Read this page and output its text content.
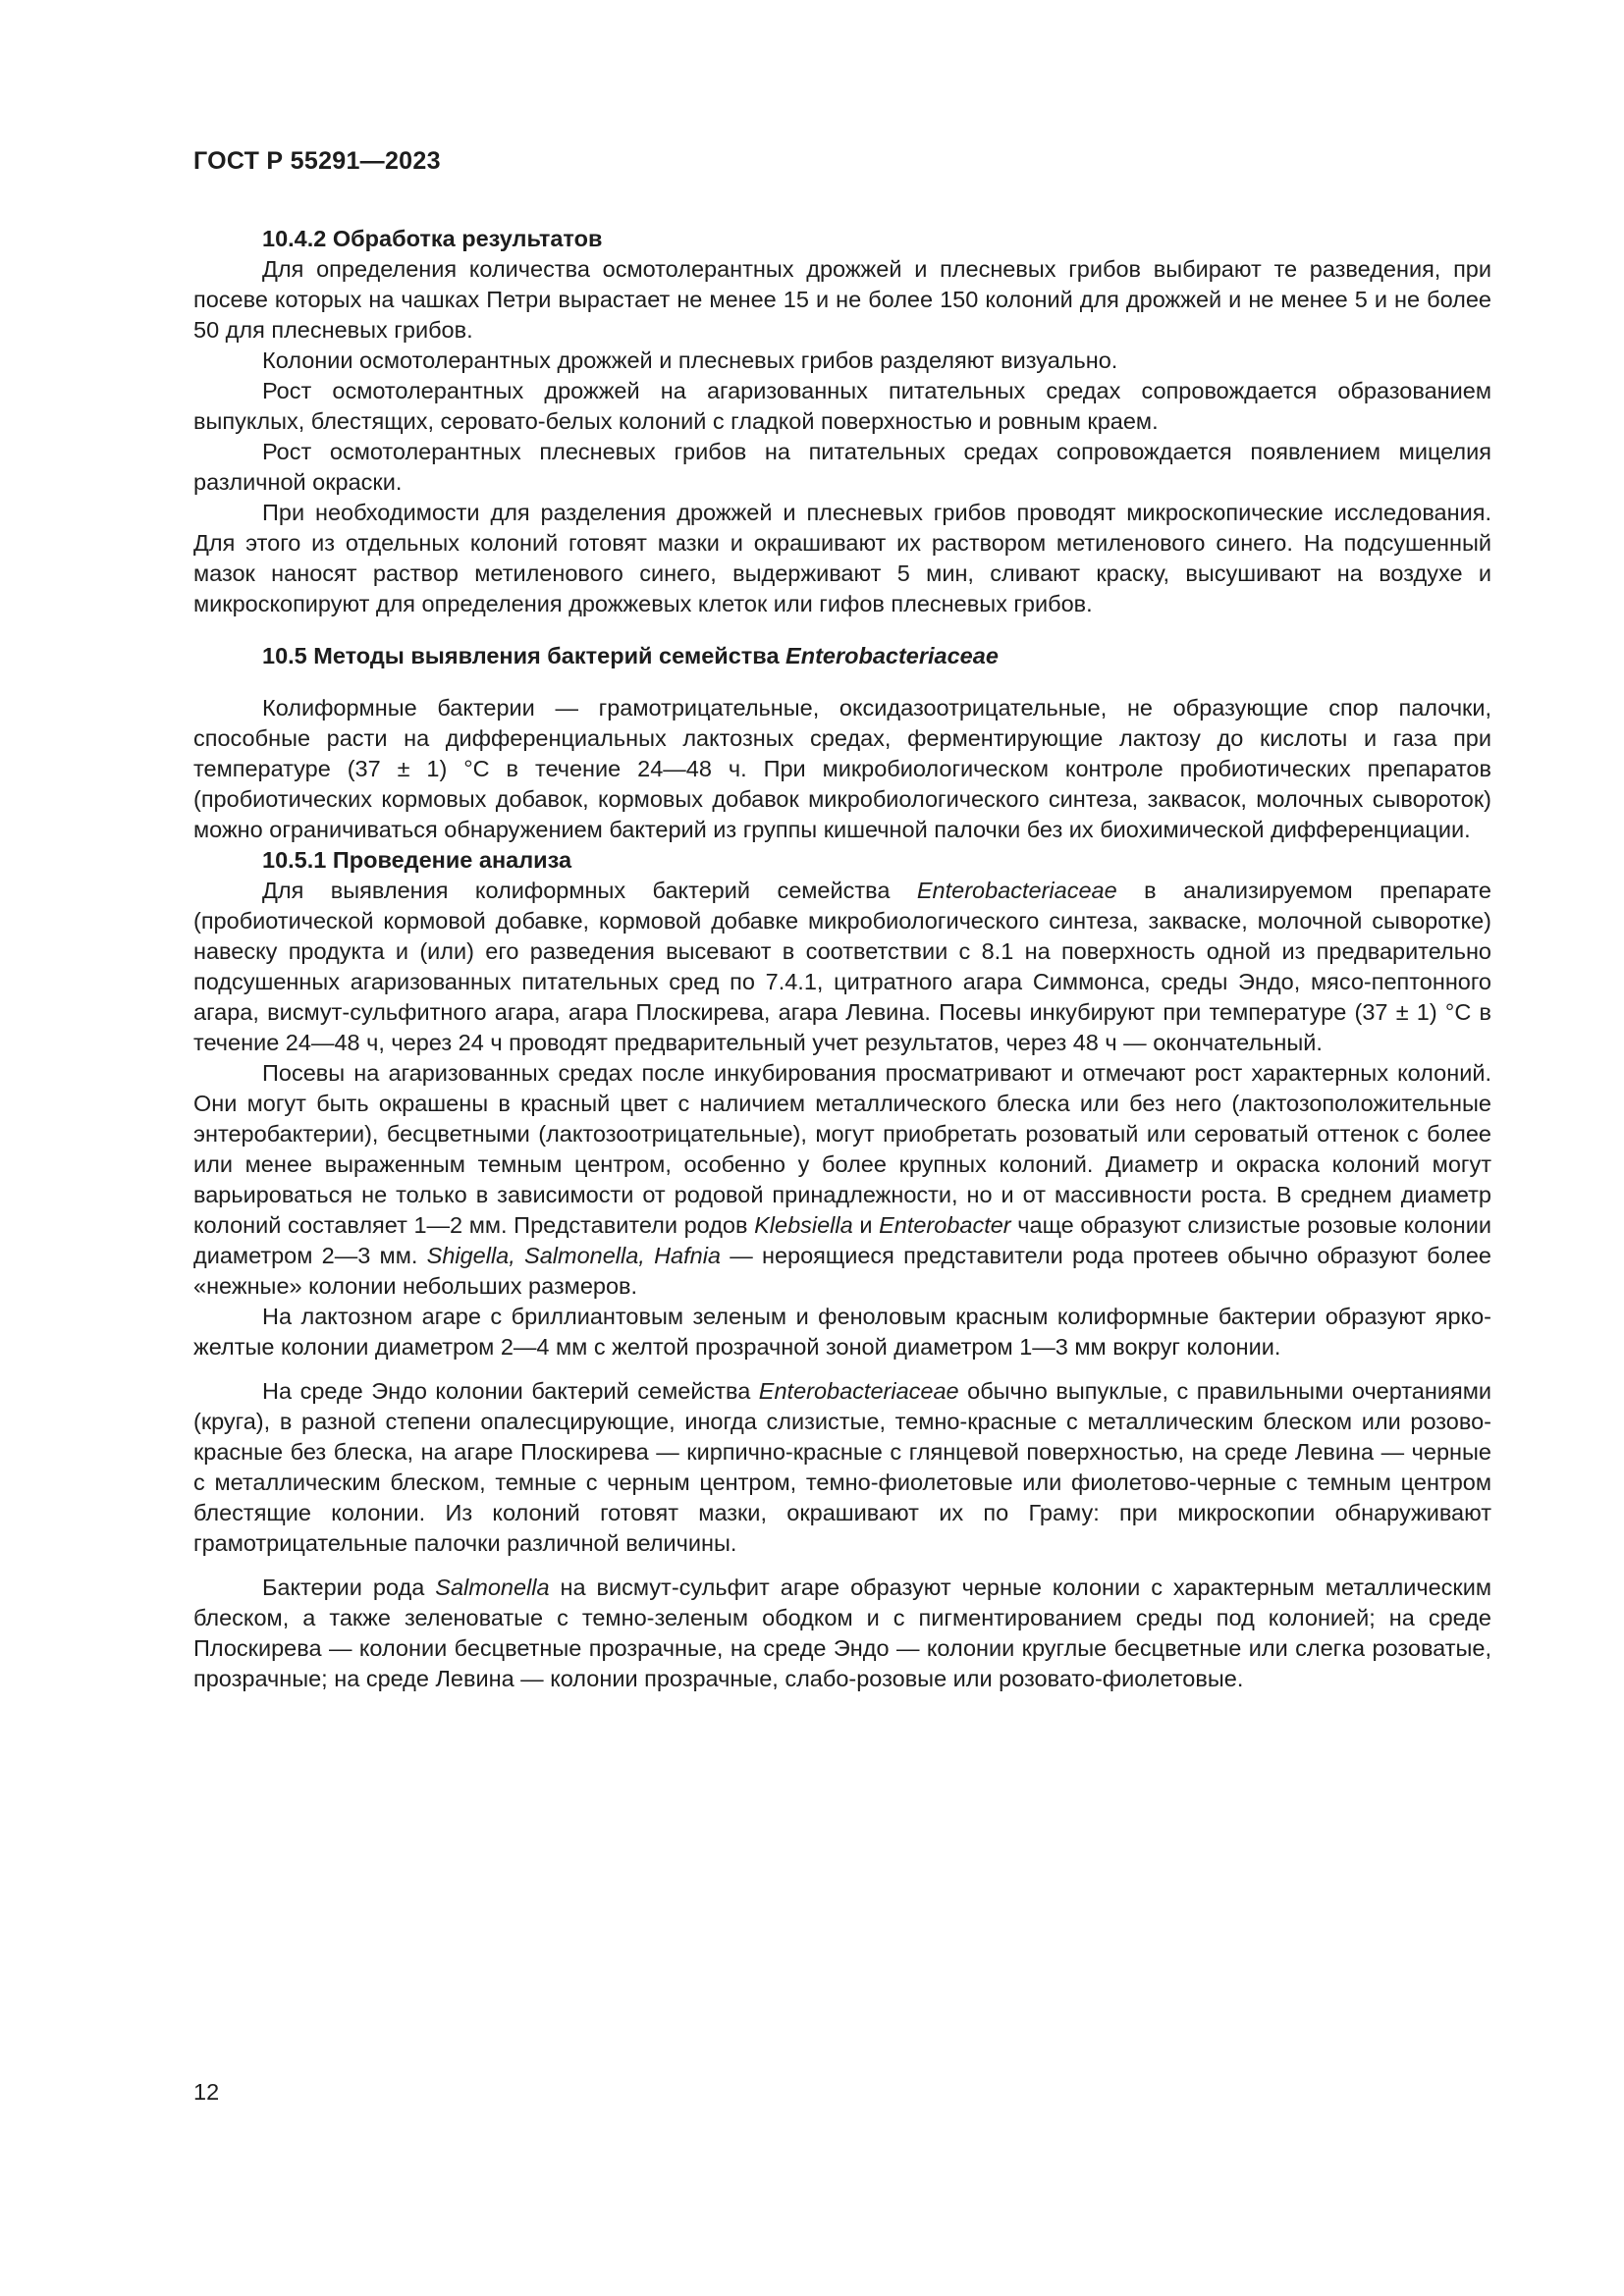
ГОСТ Р 55291—2023

10.4.2 Обработка результатов

Для определения количества осмотолерантных дрожжей и плесневых грибов выбирают те разведения, при посеве которых на чашках Петри вырастает не менее 15 и не более 150 колоний для дрожжей и не менее 5 и не более 50 для плесневых грибов.

Колонии осмотолерантных дрожжей и плесневых грибов разделяют визуально.

Рост осмотолерантных дрожжей на агаризованных питательных средах сопровождается образованием выпуклых, блестящих, серовато-белых колоний с гладкой поверхностью и ровным краем.

Рост осмотолерантных плесневых грибов на питательных средах сопровождается появлением мицелия различной окраски.

При необходимости для разделения дрожжей и плесневых грибов проводят микроскопические исследования. Для этого из отдельных колоний готовят мазки и окрашивают их раствором метиленового синего. На подсушенный мазок наносят раствор метиленового синего, выдерживают 5 мин, сливают краску, высушивают на воздухе и микроскопируют для определения дрожжевых клеток или гифов плесневых грибов.

10.5 Методы выявления бактерий семейства Enterobacteriaceae

Колиформные бактерии — грамотрицательные, оксидазоотрицательные, не образующие спор палочки, способные расти на дифференциальных лактозных средах, ферментирующие лактозу до кислоты и газа при температуре (37 ± 1) °С в течение 24—48 ч. При микробиологическом контроле пробиотических препаратов (пробиотических кормовых добавок, кормовых добавок микробиологического синтеза, заквасок, молочных сывороток) можно ограничиваться обнаружением бактерий из группы кишечной палочки без их биохимической дифференциации.

10.5.1 Проведение анализа

Для выявления колиформных бактерий семейства Enterobacteriaceae в анализируемом препарате (пробиотической кормовой добавке, кормовой добавке микробиологического синтеза, закваске, молочной сыворотке) навеску продукта и (или) его разведения высевают в соответствии с 8.1 на поверхность одной из предварительно подсушенных агаризованных питательных сред по 7.4.1, цитратного агара Симмонса, среды Эндо, мясо-пептонного агара, висмут-сульфитного агара, агара Плоскирева, агара Левина. Посевы инкубируют при температуре (37 ± 1) °С в течение 24—48 ч, через 24 ч проводят предварительный учет результатов, через 48 ч — окончательный.

Посевы на агаризованных средах после инкубирования просматривают и отмечают рост характерных колоний. Они могут быть окрашены в красный цвет с наличием металлического блеска или без него (лактозоположительные энтеробактерии), бесцветными (лактозоотрицательные), могут приобретать розоватый или сероватый оттенок с более или менее выраженным темным центром, особенно у более крупных колоний. Диаметр и окраска колоний могут варьироваться не только в зависимости от родовой принадлежности, но и от массивности роста. В среднем диаметр колоний составляет 1—2 мм. Представители родов Klebsiella и Enterobacter чаще образуют слизистые розовые колонии диаметром 2—3 мм. Shigella, Salmonella, Hafnia — нероящиеся представители рода протеев обычно образуют более «нежные» колонии небольших размеров.

На лактозном агаре с бриллиантовым зеленым и феноловым красным колиформные бактерии образуют ярко-желтые колонии диаметром 2—4 мм с желтой прозрачной зоной диаметром 1—3 мм вокруг колонии.

На среде Эндо колонии бактерий семейства Enterobacteriaceae обычно выпуклые, с правильными очертаниями (круга), в разной степени опалесцирующие, иногда слизистые, темно-красные с металлическим блеском или розово-красные без блеска, на агаре Плоскирева — кирпично-красные с глянцевой поверхностью, на среде Левина — черные с металлическим блеском, темные с черным центром, темно-фиолетовые или фиолетово-черные с темным центром блестящие колонии. Из колоний готовят мазки, окрашивают их по Граму: при микроскопии обнаруживают грамотрицательные палочки различной величины.

Бактерии рода Salmonella на висмут-сульфит агаре образуют черные колонии с характерным металлическим блеском, а также зеленоватые с темно-зеленым ободком и с пигментированием среды под колонией; на среде Плоскирева — колонии бесцветные прозрачные, на среде Эндо — колонии круглые бесцветные или слегка розоватые, прозрачные; на среде Левина — колонии прозрачные, слабо-розовые или розовато-фиолетовые.

12
